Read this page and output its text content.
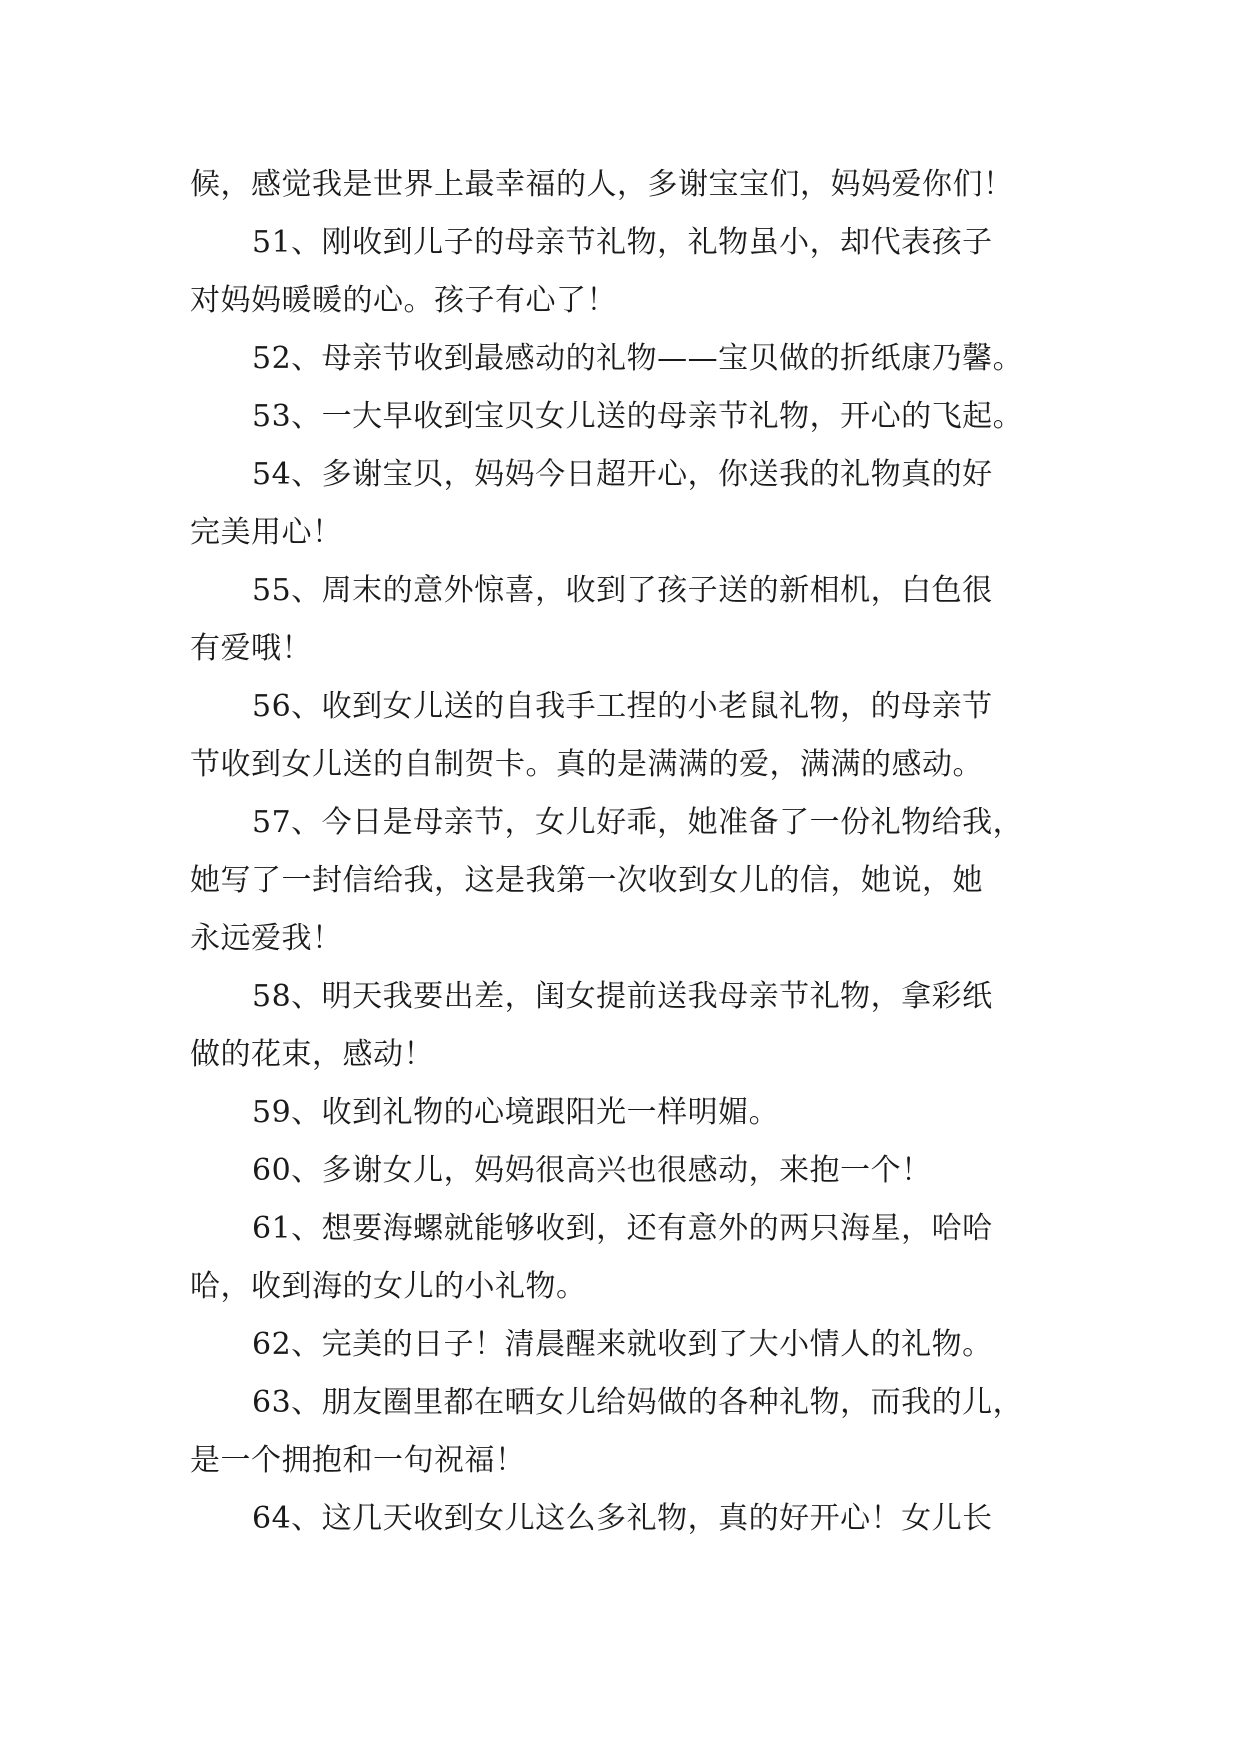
候，感觉我是世界上最幸福的人，多谢宝宝们，妈妈爱你们！
51、刚收到儿子的母亲节礼物，礼物虽小，却代表孩子
对妈妈暖暖的心。孩子有心了！
52、母亲节收到最感动的礼物——宝贝做的折纸康乃馨。
53、一大早收到宝贝女儿送的母亲节礼物，开心的飞起。
54、多谢宝贝，妈妈今日超开心，你送我的礼物真的好
完美用心！
55、周末的意外惊喜，收到了孩子送的新相机，白色很
有爱哦！
56、收到女儿送的自我手工捏的小老鼠礼物，的母亲节
节收到女儿送的自制贺卡。真的是满满的爱，满满的感动。
57、今日是母亲节，女儿好乖，她准备了一份礼物给我，
她写了一封信给我，这是我第一次收到女儿的信，她说，她
永远爱我！
58、明天我要出差，闺女提前送我母亲节礼物，拿彩纸
做的花束，感动！
59、收到礼物的心境跟阳光一样明媚。
60、多谢女儿，妈妈很高兴也很感动，来抱一个！
61、想要海螺就能够收到，还有意外的两只海星，哈哈
哈，收到海的女儿的小礼物。
62、完美的日子！清晨醒来就收到了大小情人的礼物。
63、朋友圈里都在晒女儿给妈做的各种礼物，而我的儿，
是一个拥抱和一句祝福！
64、这几天收到女儿这么多礼物，真的好开心！女儿长
